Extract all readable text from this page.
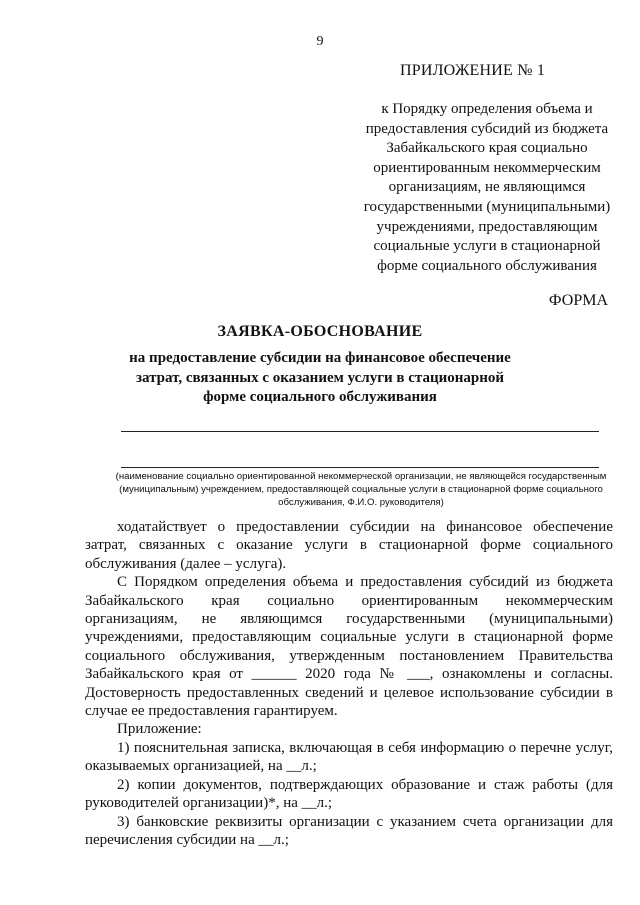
9
ПРИЛОЖЕНИЕ № 1
к Порядку определения объема и предоставления субсидий из бюджета Забайкальского края социально ориентированным некоммерческим организациям, не являющимся государственными (муниципальными) учреждениями, предоставляющим социальные услуги в стационарной форме социального обслуживания
ФОРМА
ЗАЯВКА-ОБОСНОВАНИЕ
на предоставление субсидии на финансовое обеспечение затрат, связанных с оказанием услуги в стационарной форме социального обслуживания
(наименование социально ориентированной некоммерческой организации, не являющейся государственным (муниципальным) учреждением, предоставляющей социальные услуги в стационарной форме социального обслуживания, Ф.И.О. руководителя)

ходатайствует о предоставлении субсидии на финансовое обеспечение затрат, связанных с оказание услуги в стационарной форме социального обслуживания (далее – услуга).

С Порядком определения объема и предоставления субсидий из бюджета Забайкальского края социально ориентированным некоммерческим организациям, не являющимся государственными (муниципальными) учреждениями, предоставляющим социальные услуги в стационарной форме социального обслуживания, утвержденным постановлением Правительства Забайкальского края от ______ 2020 года № ___, ознакомлены и согласны. Достоверность предоставленных сведений и целевое использование субсидии в случае ее предоставления гарантируем.

Приложение:

1) пояснительная записка, включающая в себя информацию о перечне услуг, оказываемых организацией, на __л.;

2) копии документов, подтверждающих образование и стаж работы (для руководителей организации)*, на __л.;

3) банковские реквизиты организации с указанием счета организации для перечисления субсидии на __л.;
